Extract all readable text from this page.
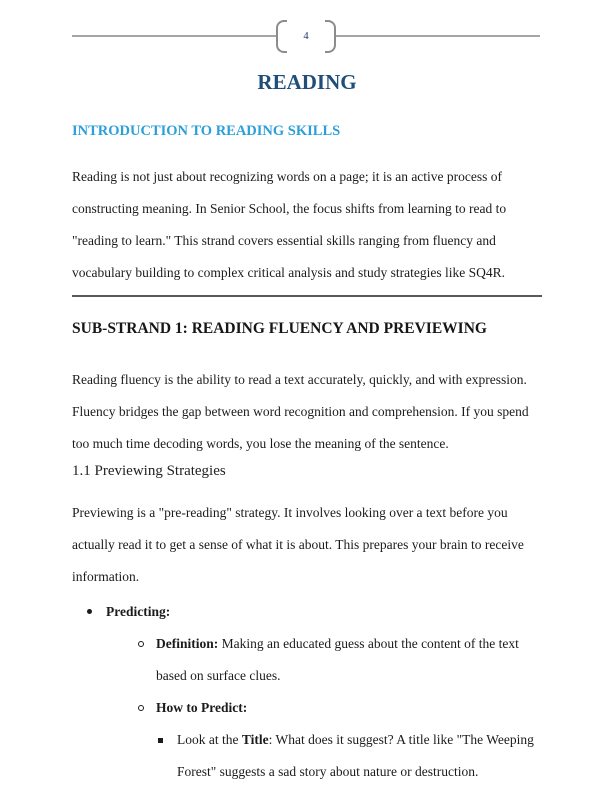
4
READING
INTRODUCTION TO READING SKILLS

Reading is not just about recognizing words on a page; it is an active process of constructing meaning. In Senior School, the focus shifts from learning to read to "reading to learn." This strand covers essential skills ranging from fluency and vocabulary building to complex critical analysis and study strategies like SQ4R.

SUB-STRAND 1: READING FLUENCY AND PREVIEWING

Reading fluency is the ability to read a text accurately, quickly, and with expression. Fluency bridges the gap between word recognition and comprehension. If you spend too much time decoding words, you lose the meaning of the sentence.

1.1 Previewing Strategies

Previewing is a "pre-reading" strategy. It involves looking over a text before you actually read it to get a sense of what it is about. This prepares your brain to receive information.

Predicting:
Definition: Making an educated guess about the content of the text based on surface clues.
How to Predict:
Look at the Title: What does it suggest? A title like "The Weeping Forest" suggests a sad story about nature or destruction.
